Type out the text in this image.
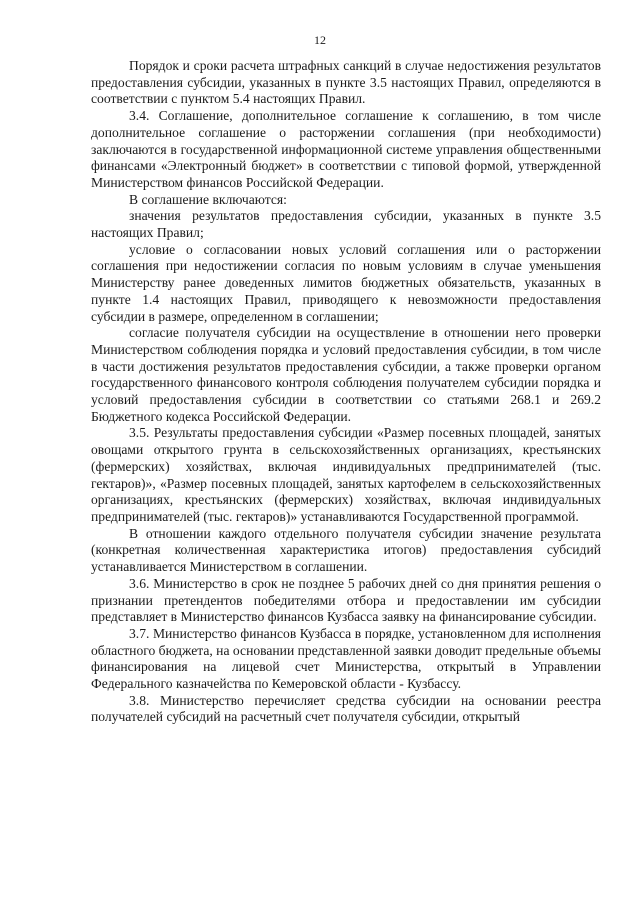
12

Порядок и сроки расчета штрафных санкций в случае недостижения результатов предоставления субсидии, указанных в пункте 3.5 настоящих Правил, определяются в соответствии с пунктом 5.4 настоящих Правил.

3.4. Соглашение, дополнительное соглашение к соглашению, в том числе дополнительное соглашение о расторжении соглашения (при необходимости) заключаются в государственной информационной системе управления общественными финансами «Электронный бюджет» в соответствии с типовой формой, утвержденной Министерством финансов Российской Федерации.

В соглашение включаются:

значения результатов предоставления субсидии, указанных в пункте 3.5 настоящих Правил;

условие о согласовании новых условий соглашения или о расторжении соглашения при недостижении согласия по новым условиям в случае уменьшения Министерству ранее доведенных лимитов бюджетных обязательств, указанных в пункте 1.4 настоящих Правил, приводящего к невозможности предоставления субсидии в размере, определенном в соглашении;

согласие получателя субсидии на осуществление в отношении него проверки Министерством соблюдения порядка и условий предоставления субсидии, в том числе в части достижения результатов предоставления субсидии, а также проверки органом государственного финансового контроля соблюдения получателем субсидии порядка и условий предоставления субсидии в соответствии со статьями 268.1 и 269.2 Бюджетного кодекса Российской Федерации.

3.5. Результаты предоставления субсидии «Размер посевных площадей, занятых овощами открытого грунта в сельскохозяйственных организациях, крестьянских (фермерских) хозяйствах, включая индивидуальных предпринимателей (тыс. гектаров)», «Размер посевных площадей, занятых картофелем в сельскохозяйственных организациях, крестьянских (фермерских) хозяйствах, включая индивидуальных предпринимателей (тыс. гектаров)» устанавливаются Государственной программой.

В отношении каждого отдельного получателя субсидии значение результата (конкретная количественная характеристика итогов) предоставления субсидий устанавливается Министерством в соглашении.

3.6. Министерство в срок не позднее 5 рабочих дней со дня принятия решения о признании претендентов победителями отбора и предоставлении им субсидии представляет в Министерство финансов Кузбасса заявку на финансирование субсидии.

3.7. Министерство финансов Кузбасса в порядке, установленном для исполнения областного бюджета, на основании представленной заявки доводит предельные объемы финансирования на лицевой счет Министерства, открытый в Управлении Федерального казначейства по Кемеровской области - Кузбассу.

3.8. Министерство перечисляет средства субсидии на основании реестра получателей субсидий на расчетный счет получателя субсидии, открытый
